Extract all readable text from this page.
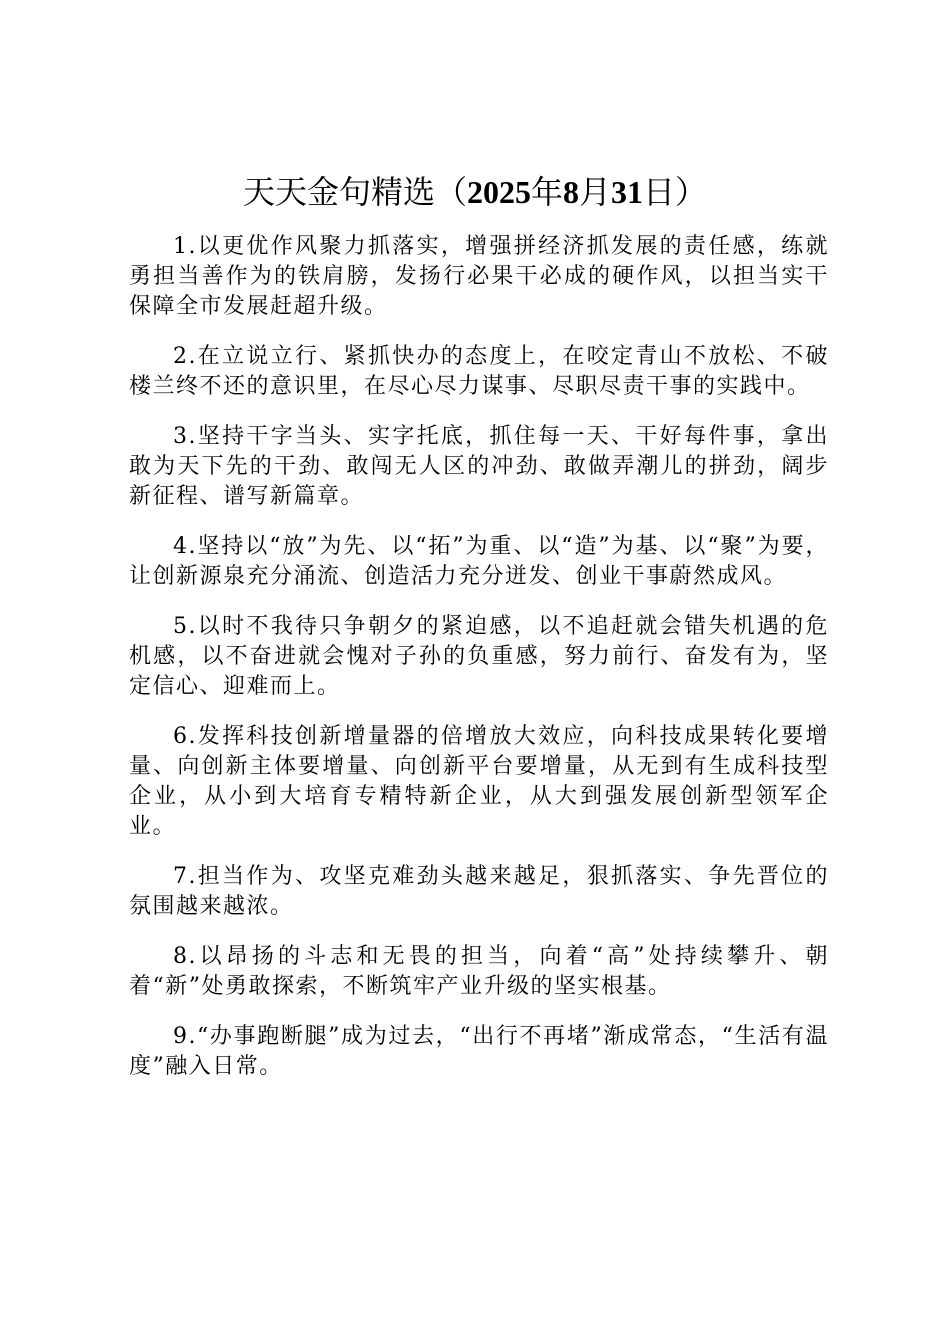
天天金句精选（2025年8月31日）

1.以更优作风聚力抓落实，增强拼经济抓发展的责任感，练就勇担当善作为的铁肩膀，发扬行必果干必成的硬作风，以担当实干保障全市发展赶超升级。

2.在立说立行、紧抓快办的态度上，在咬定青山不放松、不破楼兰终不还的意识里，在尽心尽力谋事、尽职尽责干事的实践中。

3.坚持干字当头、实字托底，抓住每一天、干好每件事，拿出敢为天下先的干劲、敢闯无人区的冲劲、敢做弄潮儿的拼劲，阔步新征程、谱写新篇章。

4.坚持以“放”为先、以“拓”为重、以“造”为基、以“聚”为要，让创新源泉充分涌流、创造活力充分迸发、创业干事蔚然成风。

5.以时不我待只争朝夕的紧迫感，以不追赶就会错失机遇的危机感，以不奋进就会愧对子孙的负重感，努力前行、奋发有为，坚定信心、迎难而上。

6.发挥科技创新增量器的倍增放大效应，向科技成果转化要增量、向创新主体要增量、向创新平台要增量，从无到有生成科技型企业，从小到大培育专精特新企业，从大到强发展创新型领军企业。

7.担当作为、攻坚克难劲头越来越足，狠抓落实、争先晋位的氛围越来越浓。

8.以昂扬的斗志和无畏的担当，向着“高”处持续攀升、朝着“新”处勇敢探索，不断筑牢产业升级的坚实根基。

9.“办事跑断腿”成为过去，“出行不再堵”渐成常态，“生活有温度”融入日常。
